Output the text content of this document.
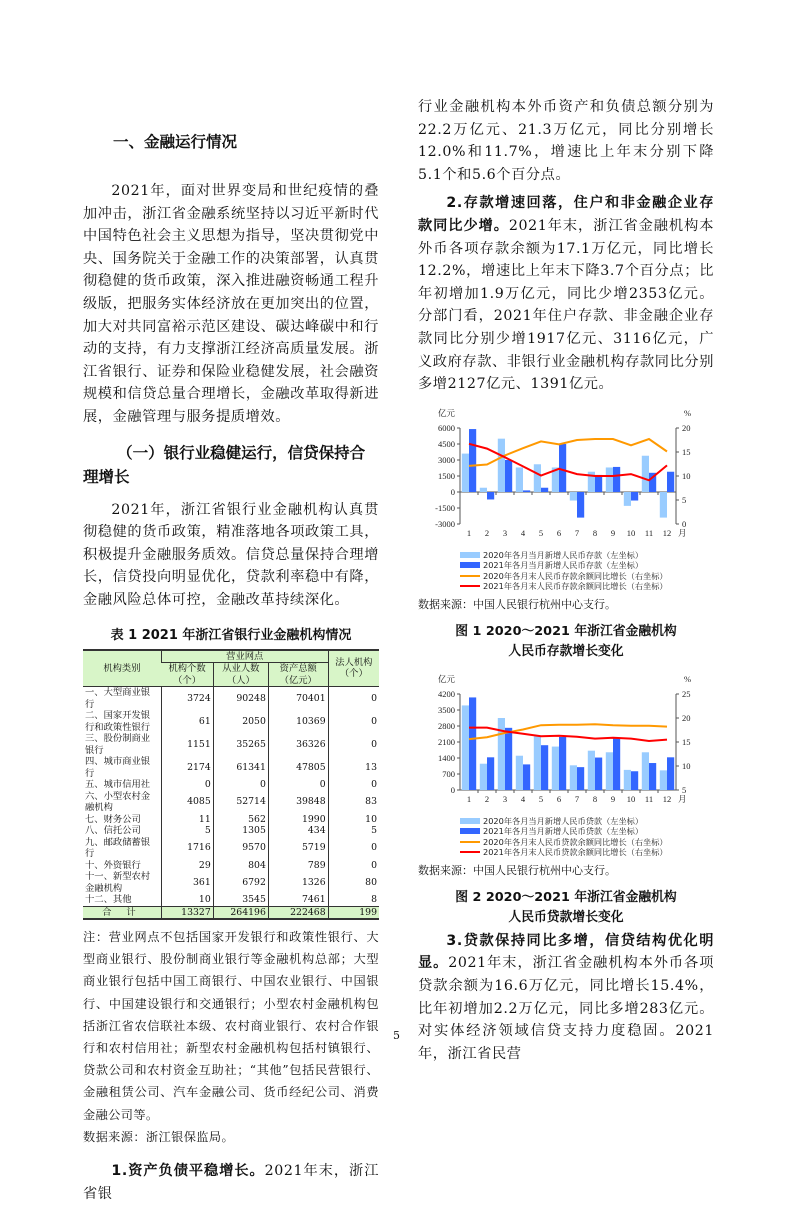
一、金融运行情况

2021年，面对世界变局和世纪疫情的叠加冲击，浙江省金融系统坚持以习近平新时代中国特色社会主义思想为指导，坚决贯彻党中央、国务院关于金融工作的决策部署，认真贯彻稳健的货币政策，深入推进融资畅通工程升级版，把服务实体经济放在更加突出的位置，加大对共同富裕示范区建设、碳达峰碳中和行动的支持，有力支撑浙江经济高质量发展。浙江省银行、证券和保险业稳健发展，社会融资规模和信贷总量合理增长，金融改革取得新进展，金融管理与服务提质增效。

（一）银行业稳健运行，信贷保持合理增长

2021年，浙江省银行业金融机构认真贯彻稳健的货币政策，精准落地各项政策工具，积极提升金融服务质效。信贷总量保持合理增长，信贷投向明显优化，贷款利率稳中有降，金融风险总体可控，金融改革持续深化。

表 1 2021 年浙江省银行业金融机构情况
机构类别	营业网点			法人机构（个）
	机构个数（个）	从业人数（人）	资产总额（亿元）	
一、大型商业银行	3724	90248	70401	0
二、国家开发银行和政策性银行	61	2050	10369	0
三、股份制商业银行	1151	35265	36326	0
四、城市商业银行	2174	61341	47805	13
五、城市信用社	0	0	0	0
六、小型农村金融机构	4085	52714	39848	83
七、财务公司	11	562	1990	10
八、信托公司	5	1305	434	5
九、邮政储蓄银行	1716	9570	5719	0
十、外资银行	29	804	789	0
十一、新型农村金融机构	361	6792	1326	80
十二、其他	10	3545	7461	8
合 计	13327	264196	222468	199
注：营业网点不包括国家开发银行和政策性银行、大型商业银行、股份制商业银行等金融机构总部；大型商业银行包括中国工商银行、中国农业银行、中国银行、中国建设银行和交通银行；小型农村金融机构包括浙江省农信联社本级、农村商业银行、农村合作银行和农村信用社；新型农村金融机构包括村镇银行、贷款公司和农村资金互助社；“其他”包括民营银行、金融租赁公司、汽车金融公司、货币经纪公司、消费金融公司等。
数据来源：浙江银保监局。

1.资产负债平稳增长。2021年末，浙江省银

行业金融机构本外币资产和负债总额分别为22.2万亿元、21.3万亿元，同比分别增长12.0%和11.7%，增速比上年末分别下降5.1个和5.6个百分点。

2.存款增速回落，住户和非金融企业存款同比少增。2021年末，浙江省金融机构本外币各项存款余额为17.1万亿元，同比增长12.2%，增速比上年末下降3.7个百分点；比年初增加1.9万亿元，同比少增2353亿元。分部门看，2021年住户存款、非金融企业存款同比分别少增1917亿元、3116亿元，广义政府存款、非银行业金融机构存款同比分别多增2127亿元、1391亿元。

亿元	%
-3000
-1500
0
1500
3000
4500
6000
0
5
10
15
20
1 2 3 4 5 6 7 8 9 10 11 12 月
2020年各月当月新增人民币存款（左坐标）
2021年各月当月新增人民币存款（左坐标）
2020年各月末人民币存款余额同比增长（右坐标）
2021年各月末人民币存款余额同比增长（右坐标）
数据来源：中国人民银行杭州中心支行。
图 1 2020～2021 年浙江省金融机构
人民币存款增长变化
亿元	%
0
700
1400
2100
2800
3500
4200
5
10
15
20
25
1 2 3 4 5 6 7 8 9 10 11 12 月
2020年各月当月新增人民币贷款（左坐标）
2021年各月当月新增人民币贷款（左坐标）
2020年各月末人民币贷款余额同比增长（右坐标）
2021年各月末人民币贷款余额同比增长（右坐标）
数据来源：中国人民银行杭州中心支行。
图 2 2020～2021 年浙江省金融机构
人民币贷款增长变化

3.贷款保持同比多增，信贷结构优化明显。2021年末，浙江省金融机构本外币各项贷款余额为16.6万亿元，同比增长15.4%，比年初增加2.2万亿元，同比多增283亿元。对实体经济领域信贷支持力度稳固。2021年，浙江省民营

5
